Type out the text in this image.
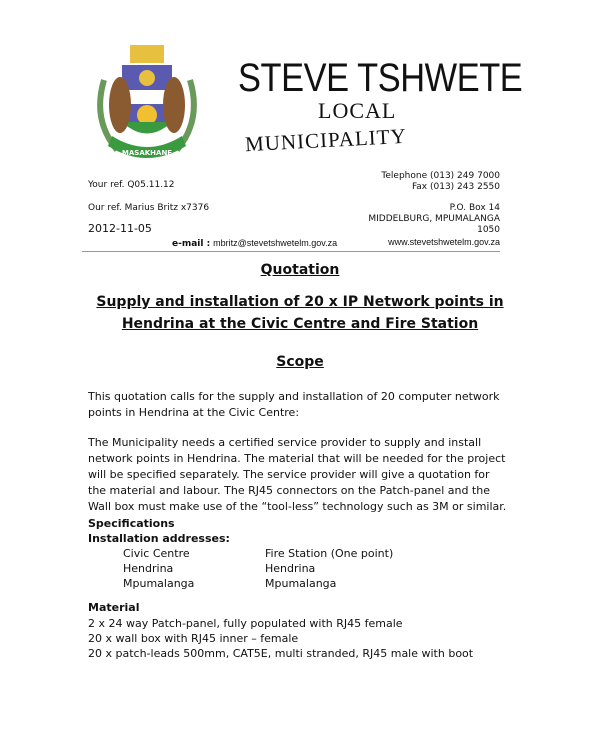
MASAKHANE
STEVE TSHWETE
LOCAL
MUNICIPALITY
Your ref. Q05.11.12
Our ref. Marius Britz x7376
2012-11-05
e-mail : mbritz@stevetshwetelm.gov.za
Telephone (013) 249 7000
Fax (013) 243 2550
P.O. Box 14
MIDDELBURG, MPUMALANGA
1050
www.stevetshwetelm.gov.za
Quotation
Supply and installation of 20 x IP Network points in
Hendrina at the Civic Centre and Fire Station
Scope
This quotation calls for the supply and installation of 20 computer network
points in Hendrina at the Civic Centre:
The Municipality needs a certified service provider to supply and install
network points in Hendrina. The material that will be needed for the project
will be specified separately. The service provider will give a quotation for
the material and labour. The RJ45 connectors on the Patch-panel and the
Wall box must make use of the “tool-less” technology such as 3M or similar.
Specifications
Installation addresses:
Civic Centre	Fire Station (One point)
Hendrina	Hendrina
Mpumalanga	Mpumalanga
Material
2 x 24 way Patch-panel, fully populated with RJ45 female
20 x wall box with RJ45 inner – female
20 x patch-leads 500mm, CAT5E, multi stranded, RJ45 male with boot
